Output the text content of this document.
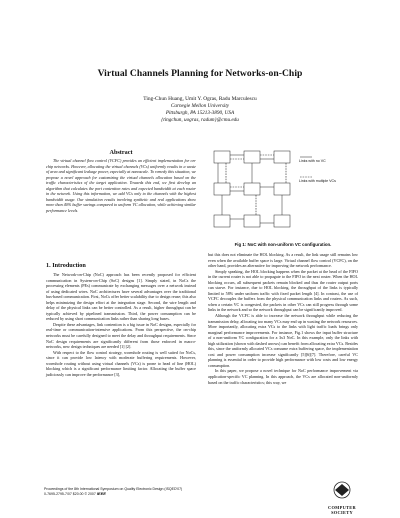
Virtual Channels Planning for Networks-on-Chip
Ting-Chun Huang, Umit Y. Ogras, Radu Marculescu
Carnegie Mellon University
Pittsburgh, PA 15213-3890, USA
{tingchun, uogras, radum}@cmu.edu
Abstract

The virtual channel flow control (VCFC) provides an efficient implementation for on-chip networks. However, allocating the virtual channels (VCs) uniformly results in a waste of area and significant leakage power, especially at nanoscale. To remedy this situation, we propose a novel approach for customizing the virtual channels allocation based on the traffic characteristics of the target application. Towards this end, we first develop an algorithm that calculates the port contention rates and expected bandwidth at each router in the network. Using this information, we add VCs only to the channels with the highest bandwidth usage. Our simulation results involving synthetic and real applications show more than 40% buffer savings compared to uniform VC allocation, while achieving similar performance levels.

1. Introduction

The Network-on-Chip (NoC) approach has been recently proposed for efficient communication in System-on-Chip (SoC) designs [1]. Simply stated, in NoCs the processing elements (PEs) communicate by exchanging messages over a network instead of using dedicated wires. NoC architectures have several advantages over the traditional bus-based communication. First, NoCs offer better scalability due to design reuse; this also helps minimizing the design effort at the integration stage. Second, the wire length and delay of the physical links can be better controlled. As a result, higher throughput can be typically achieved by pipelined transmission. Third, the power consumption can be reduced by using short communication links rather than sharing long buses.

Despite these advantages, link contention is a big issue in NoC designs, especially for real-time or communication-intensive applications. From this perspective, the on-chip networks must be carefully designed to meet the delay and throughput requirements. Since NoC design requirements are significantly different from those enforced in macro-networks, new design techniques are needed [1] [2].

With respect to the flow control strategy, wormhole routing is well suited for NoCs, since it can provide low latency with moderate buffering requirements. However, wormhole routing without using virtual channels (VCs) is prone to head of line (HOL) blocking which is a significant performance limiting factor. Allocating the buffer space judiciously can improve the performance [3],

Links with no VC
Links with multiple VCs
Fig 1: NoC with non-uniform VC configuration.

but this does not eliminate the HOL blocking. As a result, the link usage still remains low even when the available buffer space is large. Virtual channel flow control (VCFC), on the other hand, provides an alternative for improving the network performance.

Simply speaking, the HOL blocking happens when the packet at the head of the FIFO in the current router is not able to propagate to the FIFO in the next router. When the HOL blocking occurs, all subsequent packets remain blocked and thus the router output ports can starve. For instance, due to HOL blocking, the throughput of the links is typically limited to 58% under uniform traffic with fixed packet length [4]. In contrast, the use of VCFC decouples the buffers from the physical communication links and routers. As such, when a certain VC is congested, the packets in other VCs can still progress through some links in the network and so the network throughput can be significantly improved.

Although the VCFC is able to increase the network throughput while reducing the transmission delay, allocating too many VCs may end up in wasting the network resources. More importantly, allocating extra VCs to the links with light traffic loads brings only marginal performance improvements. For instance, Fig.1 shows the input buffer structure of a non-uniform VC configuration for a 3x3 NoC. In this example, only the links with high utilization (shown with dashed arrows) can benefit from allocating extra VCs. Besides this, since the uniformly allocated VCs consume extra buffering space, the implementation cost and power consumption increase significantly [5][6][7]. Therefore, careful VC planning is essential in order to provide high performance with low costs and low energy consumption.

In this paper, we propose a novel technique for NoC performance improvement via application-specific VC planning. In this approach, the VCs are allocated non-uniformly based on the traffic characteristics; this way, we

Proceedings of the 8th International Symposium on Quality Electronic Design (ISQED'07)
0-7695-2795-7/07 $20.00 © 2007 IEEE
COMPUTER
SOCIETY
